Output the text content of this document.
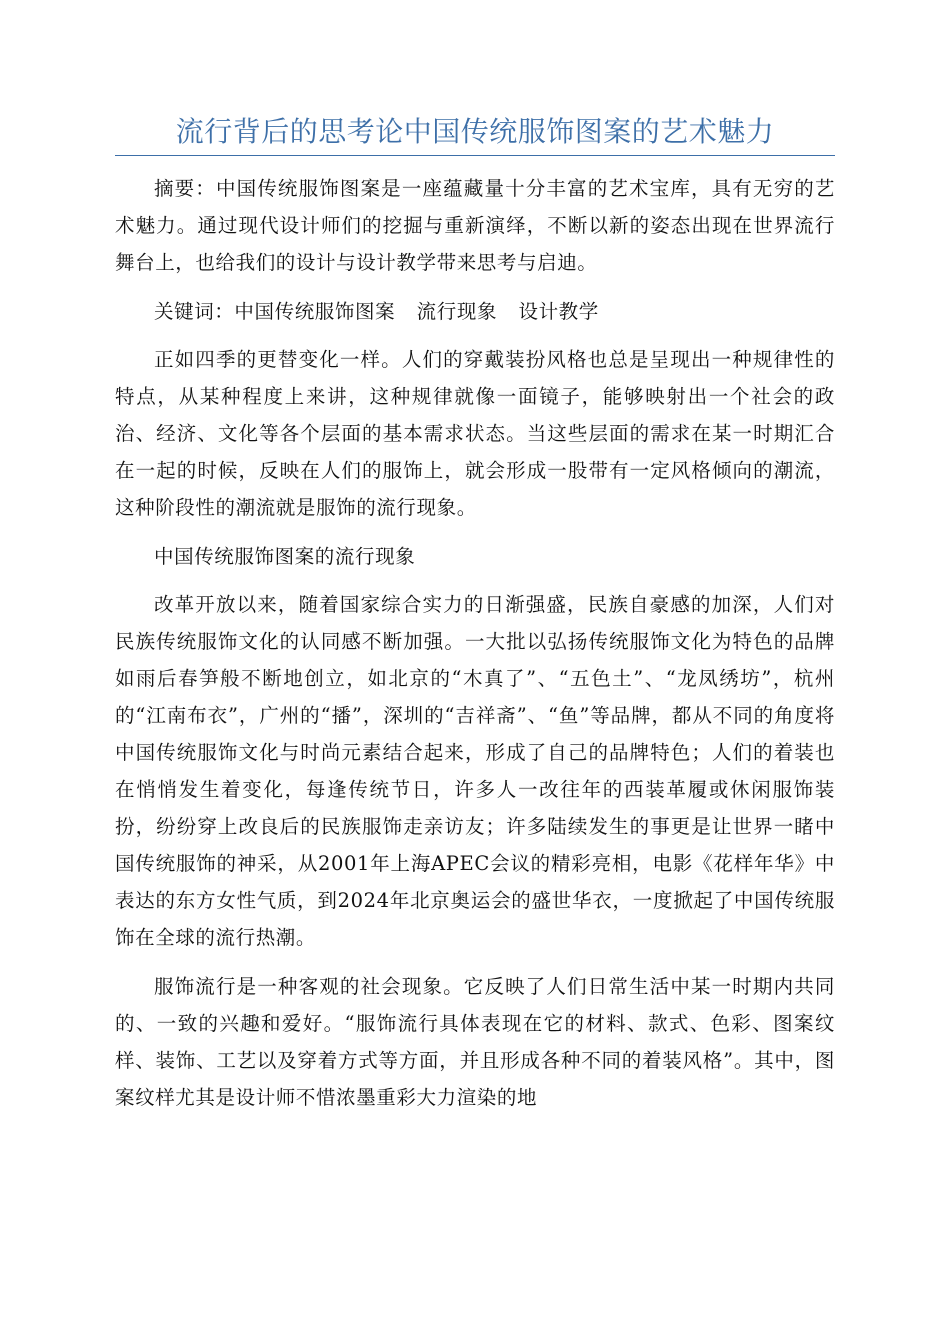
流行背后的思考论中国传统服饰图案的艺术魅力

摘要：中国传统服饰图案是一座蕴藏量十分丰富的艺术宝库，具有无穷的艺术魅力。通过现代设计师们的挖掘与重新演绎，不断以新的姿态出现在世界流行舞台上，也给我们的设计与设计教学带来思考与启迪。

关键词：中国传统服饰图案 流行现象 设计教学

正如四季的更替变化一样。人们的穿戴装扮风格也总是呈现出一种规律性的特点，从某种程度上来讲，这种规律就像一面镜子，能够映射出一个社会的政治、经济、文化等各个层面的基本需求状态。当这些层面的需求在某一时期汇合在一起的时候，反映在人们的服饰上，就会形成一股带有一定风格倾向的潮流，这种阶段性的潮流就是服饰的流行现象。

中国传统服饰图案的流行现象

改革开放以来，随着国家综合实力的日渐强盛，民族自豪感的加深，人们对民族传统服饰文化的认同感不断加强。一大批以弘扬传统服饰文化为特色的品牌如雨后春笋般不断地创立，如北京的“木真了”、“五色土”、“龙凤绣坊”，杭州的“江南布衣”，广州的“播”，深圳的“吉祥斋”、“鱼”等品牌，都从不同的角度将中国传统服饰文化与时尚元素结合起来，形成了自己的品牌特色；人们的着装也在悄悄发生着变化，每逢传统节日，许多人一改往年的西装革履或休闲服饰装扮，纷纷穿上改良后的民族服饰走亲访友；许多陆续发生的事更是让世界一睹中国传统服饰的神采，从2001年上海APEC会议的精彩亮相，电影《花样年华》中表达的东方女性气质，到2024年北京奥运会的盛世华衣，一度掀起了中国传统服饰在全球的流行热潮。

服饰流行是一种客观的社会现象。它反映了人们日常生活中某一时期内共同的、一致的兴趣和爱好。“服饰流行具体表现在它的材料、款式、色彩、图案纹样、装饰、工艺以及穿着方式等方面，并且形成各种不同的着装风格”。其中，图案纹样尤其是设计师不惜浓墨重彩大力渲染的地
